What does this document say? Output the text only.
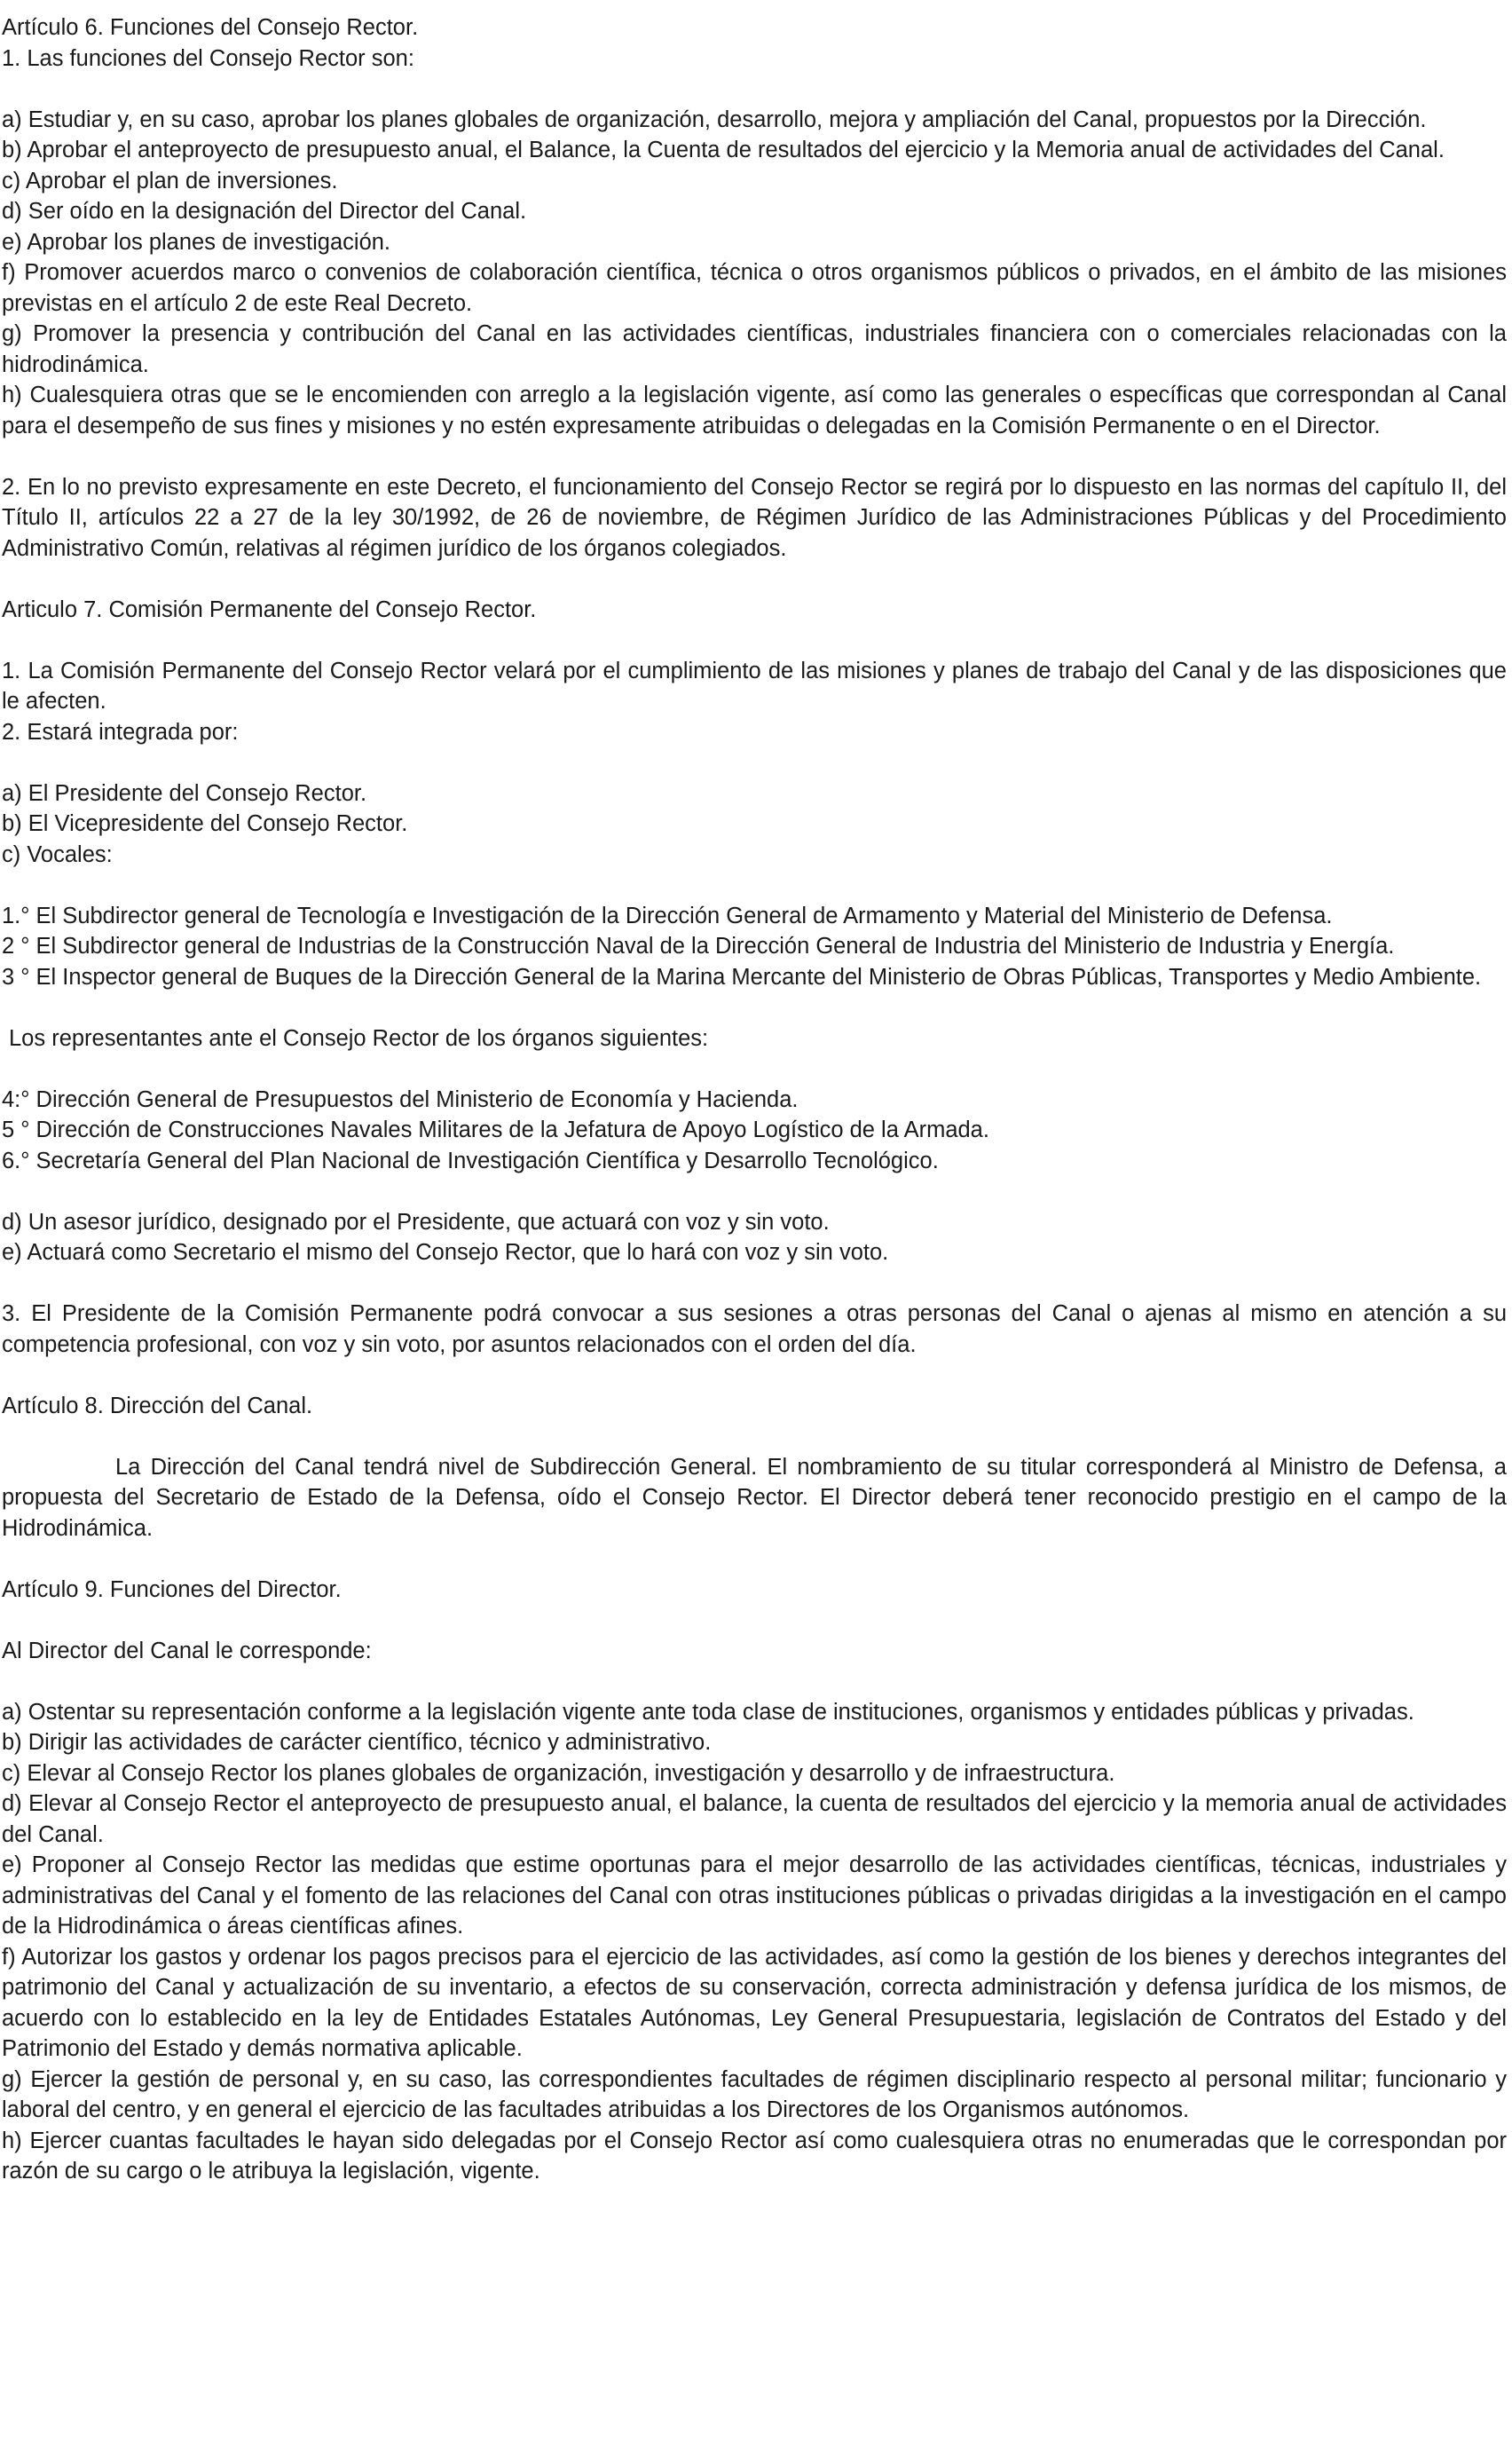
Artículo 6. Funciones del Consejo Rector.

1. Las funciones del Consejo Rector son:

a) Estudiar y, en su caso, aprobar los planes globales de organización, desarrollo, mejora y ampliación del Canal, propuestos por la Dirección.

b) Aprobar el anteproyecto de presupuesto anual, el Balance, la Cuenta de resultados del ejercicio y la Memoria anual de actividades del Canal.

c) Aprobar el plan de inversiones.

d) Ser oído en la designación del Director del Canal.

e) Aprobar los planes de investigación.

f) Promover acuerdos marco o convenios de colaboración científica, técnica o otros organismos públicos o privados, en el ámbito de las misiones previstas en el artículo 2 de este Real Decreto.

g) Promover la presencia y contribución del Canal en las actividades científicas, industriales financiera con o comerciales relacionadas con la hidrodinámica.

h) Cualesquiera otras que se le encomienden con arreglo a la legislación vigente, así como las generales o específicas que correspondan al Canal para el desempeño de sus fines y misiones y no estén expresamente atribuidas o delegadas en la Comisión Permanente o en el Director.

2. En lo no previsto expresamente en este Decreto, el funcionamiento del Consejo Rector se regirá por lo dispuesto en las normas del capítulo II, del Título II, artículos 22 a 27 de la ley 30/1992, de 26 de noviembre, de Régimen Jurídico de las Administraciones Públicas y del Procedimiento Administrativo Común, relativas al régimen jurídico de los órganos colegiados.

Articulo 7. Comisión Permanente del Consejo Rector.

1. La Comisión Permanente del Consejo Rector velará por el cumplimiento de las misiones y planes de trabajo del Canal y de las disposiciones que le afecten.

2. Estará integrada por:

a) El Presidente del Consejo Rector.

b) El Vicepresidente del Consejo Rector.

c) Vocales:

1.° El Subdirector general de Tecnología e Investigación de la Dirección General de Armamento y Material del Ministerio de Defensa.

2 ° El Subdirector general de Industrias de la Construcción Naval de la Dirección General de Industria del Ministerio de Industria y Energía.

3 ° El Inspector general de Buques de la Dirección General de la Marina Mercante del Ministerio de Obras Públicas, Transportes y Medio Ambiente.

Los representantes ante el Consejo Rector de los órganos siguientes:

4:° Dirección General de Presupuestos del Ministerio de Economía y Hacienda.

5 ° Dirección de Construcciones Navales Militares de la Jefatura de Apoyo Logístico de la Armada.

6.° Secretaría General del Plan Nacional de Investigación Científica y Desarrollo Tecnológico.

d) Un asesor jurídico, designado por el Presidente, que actuará con voz y sin voto.

e) Actuará como Secretario el mismo del Consejo Rector, que lo hará con voz y sin voto.

3. El Presidente de la Comisión Permanente podrá convocar a sus sesiones a otras personas del Canal o ajenas al mismo en atención a su competencia profesional, con voz y sin voto, por asuntos relacionados con el orden del día.

Artículo 8. Dirección del Canal.

La Dirección del Canal tendrá nivel de Subdirección General. El nombramiento de su titular corresponderá al Ministro de Defensa, a propuesta del Secretario de Estado de la Defensa, oído el Consejo Rector. El Director deberá tener reconocido prestigio en el campo de la Hidrodinámica.

Artículo 9. Funciones del Director.

Al Director del Canal le corresponde:

a) Ostentar su representación conforme a la legislación vigente ante toda clase de instituciones, organismos y entidades públicas y privadas.

b) Dirigir las actividades de carácter científico, técnico y administrativo.

c) Elevar al Consejo Rector los planes globales de organización, investigación y desarrollo y de infraestructura.

d) Elevar al Consejo Rector el anteproyecto de presupuesto anual, el balance, la cuenta de resultados del ejercicio y la memoria anual de actividades del Canal.

e) Proponer al Consejo Rector las medidas que estime oportunas para el mejor desarrollo de las actividades científicas, técnicas, industriales y administrativas del Canal y el fomento de las relaciones del Canal con otras instituciones públicas o privadas dirigidas a la investigación en el campo de la Hidrodinámica o áreas científicas afines.

f) Autorizar los gastos y ordenar los pagos precisos para el ejercicio de las actividades, así como la gestión de los bienes y derechos integrantes del patrimonio del Canal y actualización de su inventario, a efectos de su conservación, correcta administración y defensa jurídica de los mismos, de acuerdo con lo establecido en la ley de Entidades Estatales Autónomas, Ley General Presupuestaria, legislación de Contratos del Estado y del Patrimonio del Estado y demás normativa aplicable.

g) Ejercer la gestión de personal y, en su caso, las correspondientes facultades de régimen disciplinario respecto al personal militar; funcionario y laboral del centro, y en general el ejercicio de las facultades atribuidas a los Directores de los Organismos autónomos.

h) Ejercer cuantas facultades le hayan sido delegadas por el Consejo Rector así como cualesquiera otras no enumeradas que le correspondan por razón de su cargo o le atribuya la legislación, vigente.
